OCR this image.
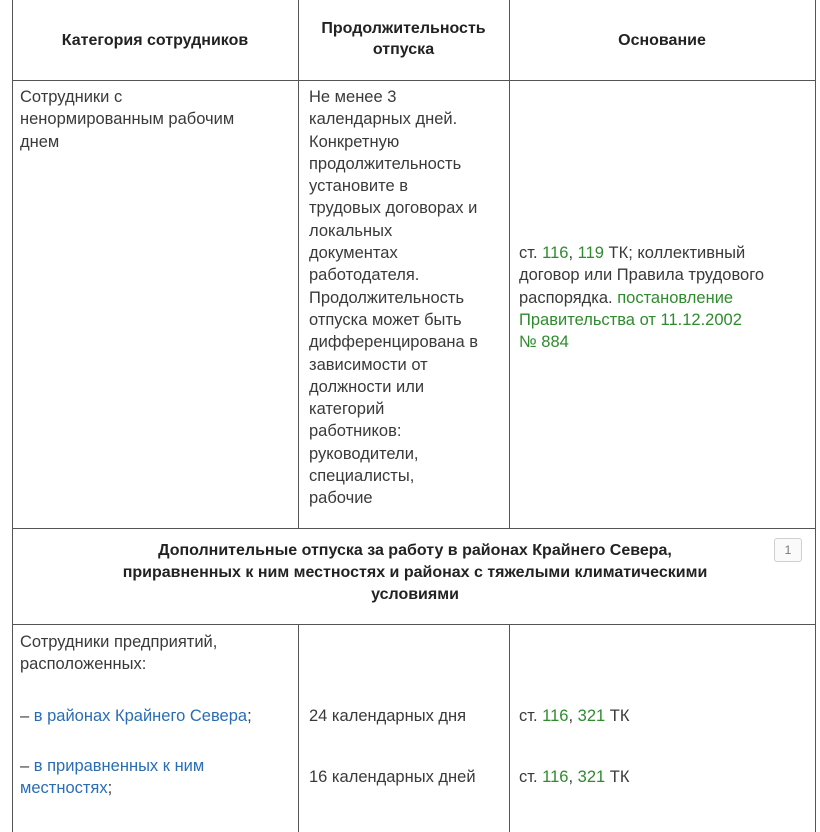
Категория сотрудников
Продолжительность
отпуска
Основание
Сотрудники с
ненормированным рабочим
днем
Не менее 3
календарных дней.
Конкретную
продолжительность
установите в
трудовых договорах и
локальных
документах
работодателя.
Продолжительность
отпуска может быть
дифференцирована в
зависимости от
должности или
категорий
работников:
руководители,
специалисты,
рабочие
ст. 116, 119 ТК; коллективный
договор или Правила трудового
распорядка. постановление
Правительства от 11.12.2002
№ 884
Дополнительные отпуска за работу в районах Крайнего Севера,
приравненных к ним местностях и районах с тяжелыми климатическими
условиями
1
Сотрудники предприятий,
расположенных:
– в районах Крайнего Севера;
– в приравненных к ним
местностях;
24 календарных дня
16 календарных дней
ст. 116, 321 ТК
ст. 116, 321 ТК
